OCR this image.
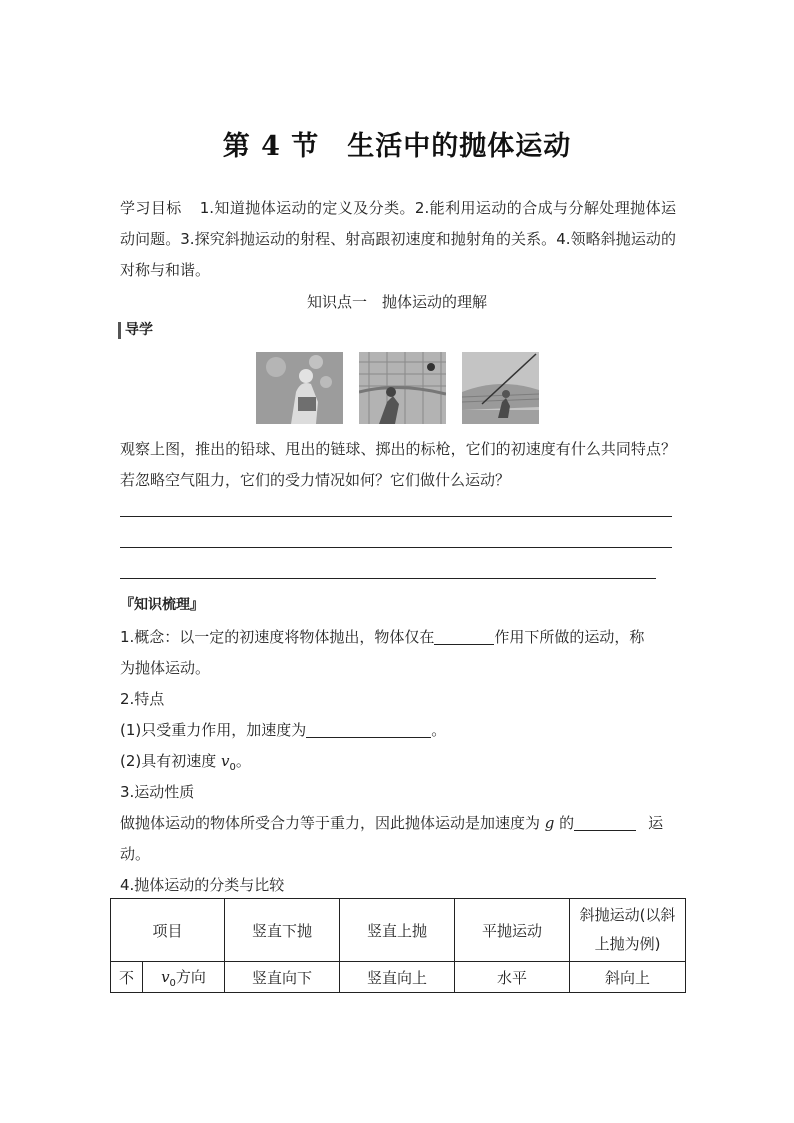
第 4 节　生活中的抛体运动
学习目标 1.知道抛体运动的定义及分类。2.能利用运动的合成与分解处理抛体运动问题。3.探究斜抛运动的射程、射高跟初速度和抛射角的关系。4.领略斜抛运动的对称与和谐。
知识点一　抛体运动的理解
导学
观察上图，推出的铅球、甩出的链球、掷出的标枪，它们的初速度有什么共同特点？若忽略空气阻力，它们的受力情况如何？它们做什么运动？
『知识梳理』
1.概念：以一定的初速度将物体抛出，物体仅在	作用下所做的运动，称
为抛体运动。
2.特点
(1)只受重力作用，加速度为	。
(2)具有初速度 $v_0$。
3.运动性质
做抛体运动的物体所受合力等于重力，因此抛体运动是加速度为 g 的	运
动。
4.抛体运动的分类与比较
项目		竖直下抛	竖直上抛	平抛运动	斜抛运动(以斜上抛为例)
不	$v_0$方向	竖直向下	竖直向上	水平	斜向上
